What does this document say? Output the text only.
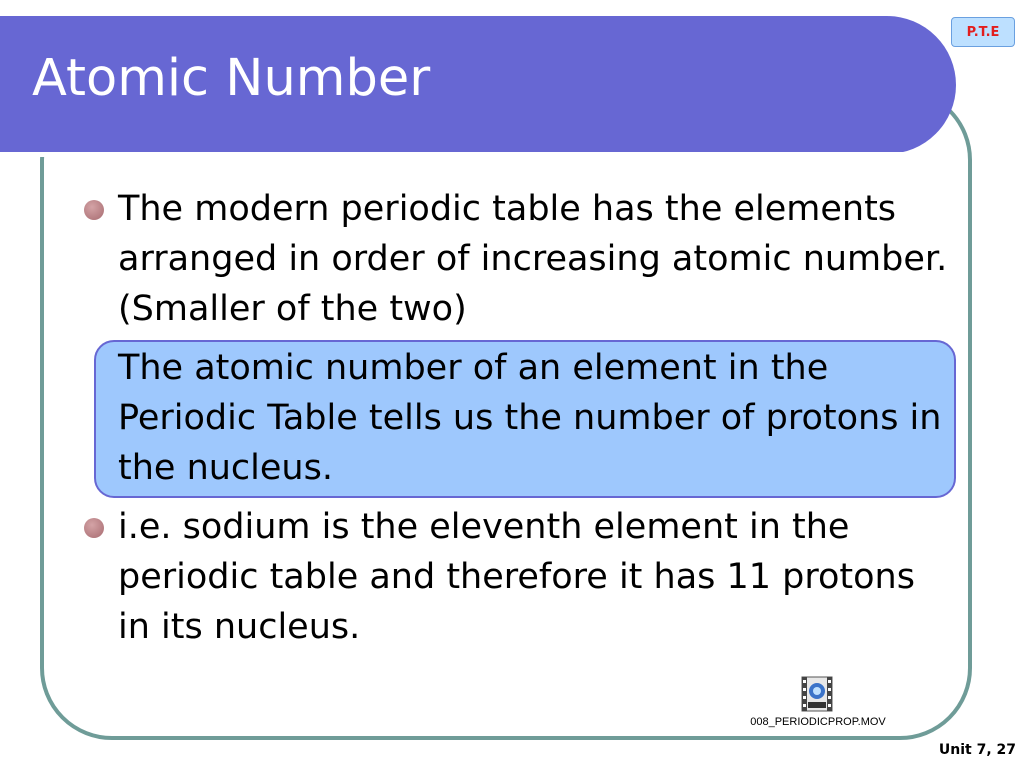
Atomic Number
P.T.E

The modern periodic table has the elements arranged in order of increasing atomic number. (Smaller of the two)

The atomic number of an element in the Periodic Table tells us the number of protons in the nucleus.

i.e. sodium is the eleventh element in the periodic table and therefore it has 11 protons in its nucleus.

008_PERIODICPROP.MOV
Unit 7, 27
